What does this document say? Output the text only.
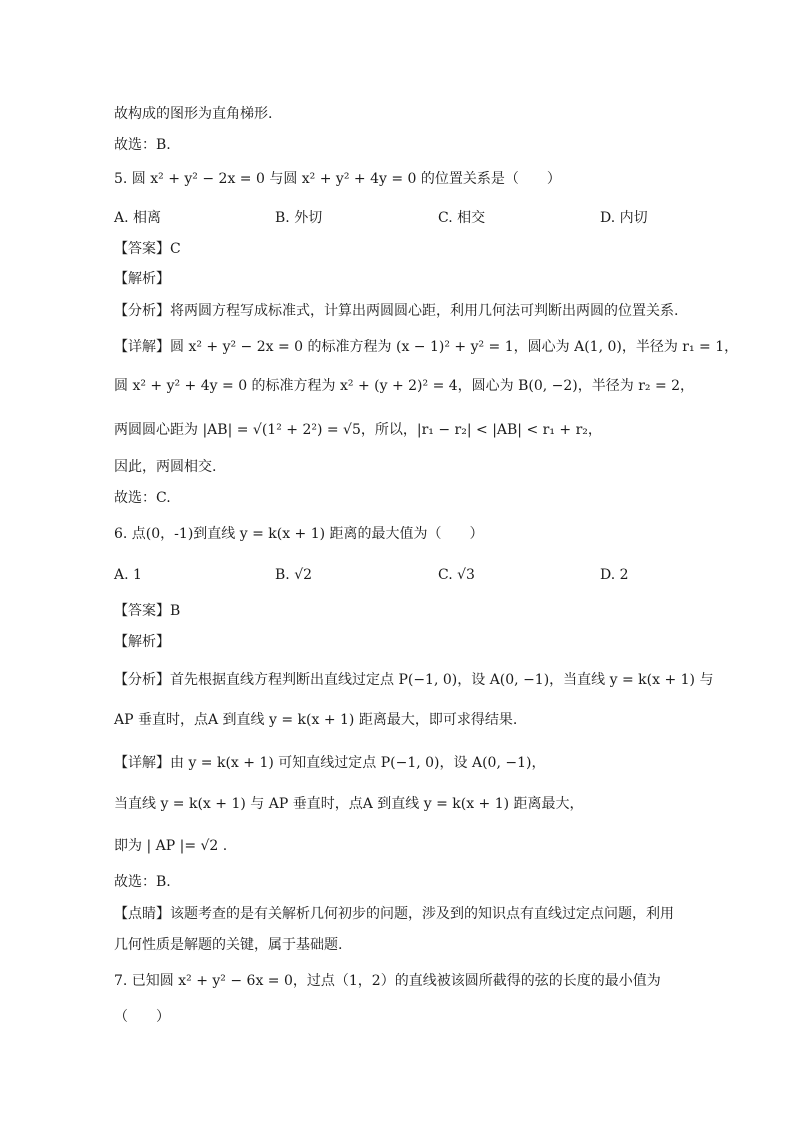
故构成的图形为直角梯形.
故选：B.
5. 圆 x² + y² − 2x = 0 与圆 x² + y² + 4y = 0 的位置关系是（　　）
A. 相离	B. 外切	C. 相交	D. 内切
【答案】C
【解析】
【分析】将两圆方程写成标准式，计算出两圆圆心距，利用几何法可判断出两圆的位置关系.
【详解】圆 x² + y² − 2x = 0 的标准方程为 (x − 1)² + y² = 1，圆心为 A(1, 0)，半径为 r₁ = 1，
圆 x² + y² + 4y = 0 的标准方程为 x² + (y + 2)² = 4，圆心为 B(0, −2)，半径为 r₂ = 2，
两圆圆心距为 |AB| = √(1² + 2²) = √5，所以，|r₁ − r₂| < |AB| < r₁ + r₂，
因此，两圆相交.
故选：C.
6. 点(0，-1)到直线 y = k(x + 1) 距离的最大值为（　　）
A. 1	B. √2	C. √3	D. 2
【答案】B
【解析】
【分析】首先根据直线方程判断出直线过定点 P(−1, 0)，设 A(0, −1)，当直线 y = k(x + 1) 与
AP 垂直时，点A 到直线 y = k(x + 1) 距离最大，即可求得结果.
【详解】由 y = k(x + 1) 可知直线过定点 P(−1, 0)，设 A(0, −1)，
当直线 y = k(x + 1) 与 AP 垂直时，点A 到直线 y = k(x + 1) 距离最大，
即为 | AP |= √2 .
故选：B.
【点睛】该题考查的是有关解析几何初步的问题，涉及到的知识点有直线过定点问题，利用
几何性质是解题的关键，属于基础题.
7. 已知圆 x² + y² − 6x = 0，过点（1，2）的直线被该圆所截得的弦的长度的最小值为
（　　）
